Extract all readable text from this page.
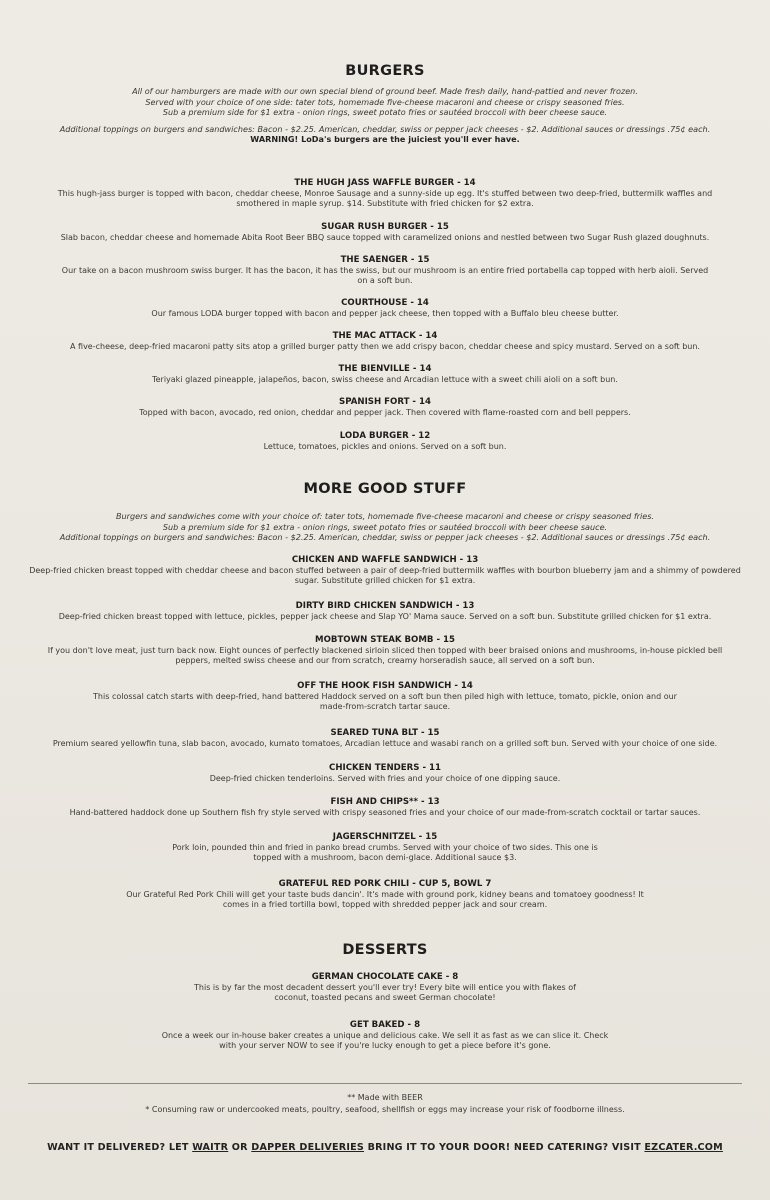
BURGERS
All of our hamburgers are made with our own special blend of ground beef. Made fresh daily, hand-pattied and never frozen.
Served with your choice of one side: tater tots, homemade five-cheese macaroni and cheese or crispy seasoned fries.
Sub a premium side for $1 extra - onion rings, sweet potato fries or sautéed broccoli with beer cheese sauce.
Additional toppings on burgers and sandwiches: Bacon - $2.25. American, cheddar, swiss or pepper jack cheeses - $2. Additional sauces or dressings .75¢ each.
WARNING! LoDa's burgers are the juiciest you'll ever have.
THE HUGH JASS WAFFLE BURGER - 14
This hugh-jass burger is topped with bacon, cheddar cheese, Monroe Sausage and a sunny-side up egg. It's stuffed between two deep-fried, buttermilk waffles and smothered in maple syrup. $14. Substitute with fried chicken for $2 extra.
SUGAR RUSH BURGER - 15
Slab bacon, cheddar cheese and homemade Abita Root Beer BBQ sauce topped with caramelized onions and nestled between two Sugar Rush glazed doughnuts.
THE SAENGER - 15
Our take on a bacon mushroom swiss burger. It has the bacon, it has the swiss, but our mushroom is an entire fried portabella cap topped with herb aioli. Served on a soft bun.
COURTHOUSE - 14
Our famous LODA burger topped with bacon and pepper jack cheese, then topped with a Buffalo bleu cheese butter.
THE MAC ATTACK - 14
A five-cheese, deep-fried macaroni patty sits atop a grilled burger patty then we add crispy bacon, cheddar cheese and spicy mustard. Served on a soft bun.
THE BIENVILLE - 14
Teriyaki glazed pineapple, jalapeños, bacon, swiss cheese and Arcadian lettuce with a sweet chili aioli on a soft bun.
SPANISH FORT - 14
Topped with bacon, avocado, red onion, cheddar and pepper jack. Then covered with flame-roasted corn and bell peppers.
LODA BURGER - 12
Lettuce, tomatoes, pickles and onions. Served on a soft bun.
MORE GOOD STUFF
Burgers and sandwiches come with your choice of: tater tots, homemade five-cheese macaroni and cheese or crispy seasoned fries.
Sub a premium side for $1 extra - onion rings, sweet potato fries or sautéed broccoli with beer cheese sauce.
Additional toppings on burgers and sandwiches: Bacon - $2.25. American, cheddar, swiss or pepper jack cheeses - $2. Additional sauces or dressings .75¢ each.
CHICKEN AND WAFFLE SANDWICH - 13
Deep-fried chicken breast topped with cheddar cheese and bacon stuffed between a pair of deep-fried buttermilk waffles with bourbon blueberry jam and a shimmy of powdered sugar. Substitute grilled chicken for $1 extra.
DIRTY BIRD CHICKEN SANDWICH - 13
Deep-fried chicken breast topped with lettuce, pickles, pepper jack cheese and Slap YO' Mama sauce. Served on a soft bun. Substitute grilled chicken for $1 extra.
MOBTOWN STEAK BOMB - 15
If you don't love meat, just turn back now. Eight ounces of perfectly blackened sirloin sliced then topped with beer braised onions and mushrooms, in-house pickled bell peppers, melted swiss cheese and our from scratch, creamy horseradish sauce, all served on a soft bun.
OFF THE HOOK FISH SANDWICH - 14
This colossal catch starts with deep-fried, hand battered Haddock served on a soft bun then piled high with lettuce, tomato, pickle, onion and our made-from-scratch tartar sauce.
SEARED TUNA BLT - 15
Premium seared yellowfin tuna, slab bacon, avocado, kumato tomatoes, Arcadian lettuce and wasabi ranch on a grilled soft bun. Served with your choice of one side.
CHICKEN TENDERS - 11
Deep-fried chicken tenderloins. Served with fries and your choice of one dipping sauce.
FISH AND CHIPS** - 13
Hand-battered haddock done up Southern fish fry style served with crispy seasoned fries and your choice of our made-from-scratch cocktail or tartar sauces.
JAGERSCHNITZEL - 15
Pork loin, pounded thin and fried in panko bread crumbs. Served with your choice of two sides. This one is topped with a mushroom, bacon demi-glace. Additional sauce $3.
GRATEFUL RED PORK CHILI - CUP 5, BOWL 7
Our Grateful Red Pork Chili will get your taste buds dancin'. It's made with ground pork, kidney beans and tomatoey goodness! It comes in a fried tortilla bowl, topped with shredded pepper jack and sour cream.
DESSERTS
GERMAN CHOCOLATE CAKE - 8
This is by far the most decadent dessert you'll ever try! Every bite will entice you with flakes of coconut, toasted pecans and sweet German chocolate!
GET BAKED - 8
Once a week our in-house baker creates a unique and delicious cake. We sell it as fast as we can slice it. Check with your server NOW to see if you're lucky enough to get a piece before it's gone.
** Made with BEER
* Consuming raw or undercooked meats, poultry, seafood, shellfish or eggs may increase your risk of foodborne illness.
WANT IT DELIVERED? LET WAITR OR DAPPER DELIVERIES BRING IT TO YOUR DOOR! NEED CATERING? VISIT EZCATER.COM
